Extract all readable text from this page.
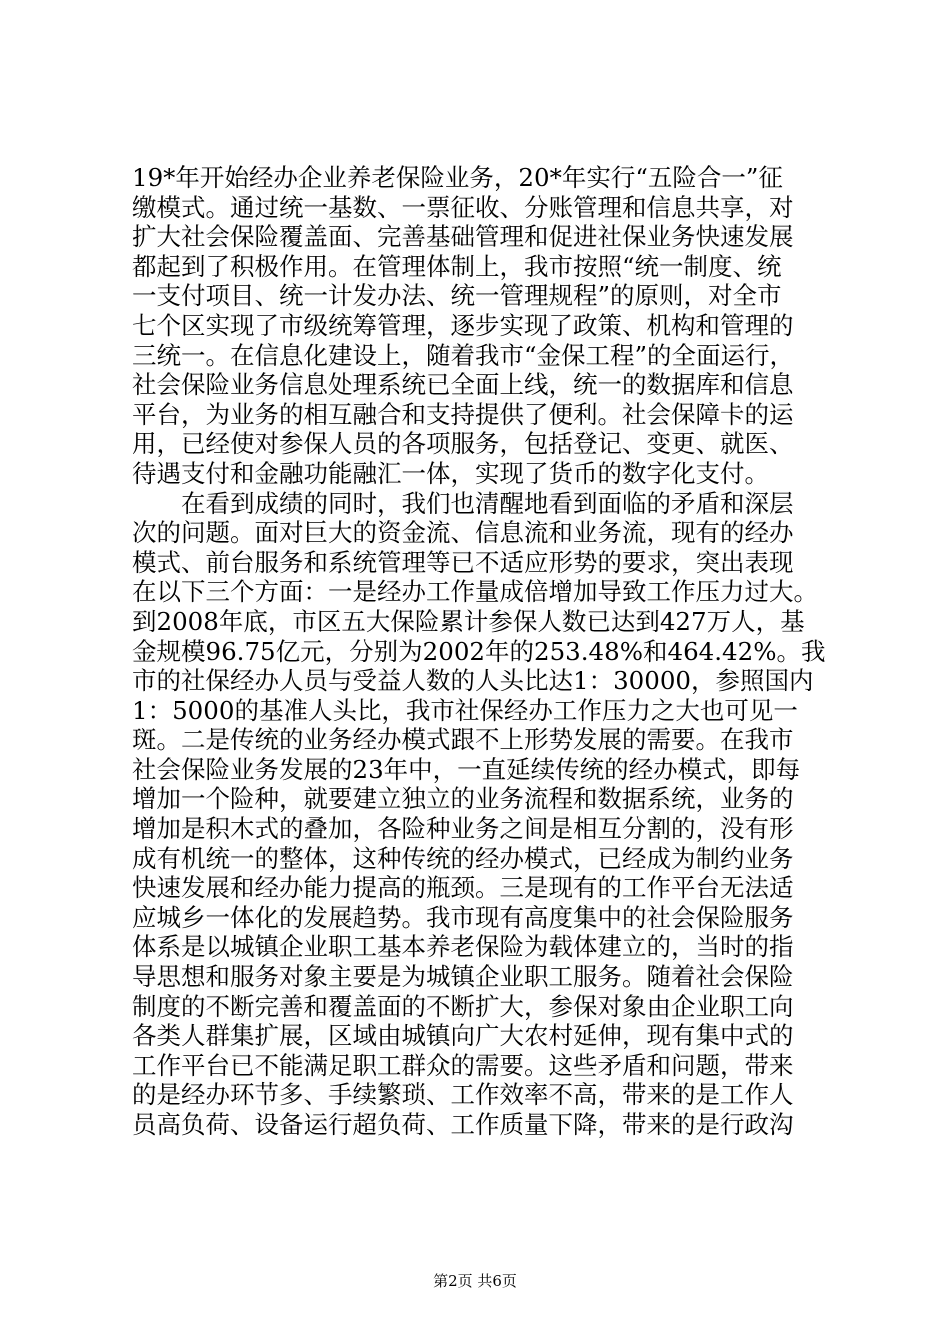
19*年开始经办企业养老保险业务，20*年实行“五险合一”征
缴模式。通过统一基数、一票征收、分账管理和信息共享，对
扩大社会保险覆盖面、完善基础管理和促进社保业务快速发展
都起到了积极作用。在管理体制上，我市按照“统一制度、统
一支付项目、统一计发办法、统一管理规程”的原则，对全市
七个区实现了市级统筹管理，逐步实现了政策、机构和管理的
三统一。在信息化建设上，随着我市“金保工程”的全面运行，
社会保险业务信息处理系统已全面上线，统一的数据库和信息
平台，为业务的相互融合和支持提供了便利。社会保障卡的运
用，已经使对参保人员的各项服务，包括登记、变更、就医、
待遇支付和金融功能融汇一体，实现了货币的数字化支付。
　　在看到成绩的同时，我们也清醒地看到面临的矛盾和深层
次的问题。面对巨大的资金流、信息流和业务流，现有的经办
模式、前台服务和系统管理等已不适应形势的要求，突出表现
在以下三个方面：一是经办工作量成倍增加导致工作压力过大。
到2008年底，市区五大保险累计参保人数已达到427万人，基
金规模96.75亿元，分别为2002年的253.48%和464.42%。我
市的社保经办人员与受益人数的人头比达1：30000，参照国内
1：5000的基准人头比，我市社保经办工作压力之大也可见一
斑。二是传统的业务经办模式跟不上形势发展的需要。在我市
社会保险业务发展的23年中，一直延续传统的经办模式，即每
增加一个险种，就要建立独立的业务流程和数据系统，业务的
增加是积木式的叠加，各险种业务之间是相互分割的，没有形
成有机统一的整体，这种传统的经办模式，已经成为制约业务
快速发展和经办能力提高的瓶颈。三是现有的工作平台无法适
应城乡一体化的发展趋势。我市现有高度集中的社会保险服务
体系是以城镇企业职工基本养老保险为载体建立的，当时的指
导思想和服务对象主要是为城镇企业职工服务。随着社会保险
制度的不断完善和覆盖面的不断扩大，参保对象由企业职工向
各类人群集扩展，区域由城镇向广大农村延伸，现有集中式的
工作平台已不能满足职工群众的需要。这些矛盾和问题，带来
的是经办环节多、手续繁琐、工作效率不高，带来的是工作人
员高负荷、设备运行超负荷、工作质量下降，带来的是行政沟
第2页 共6页
